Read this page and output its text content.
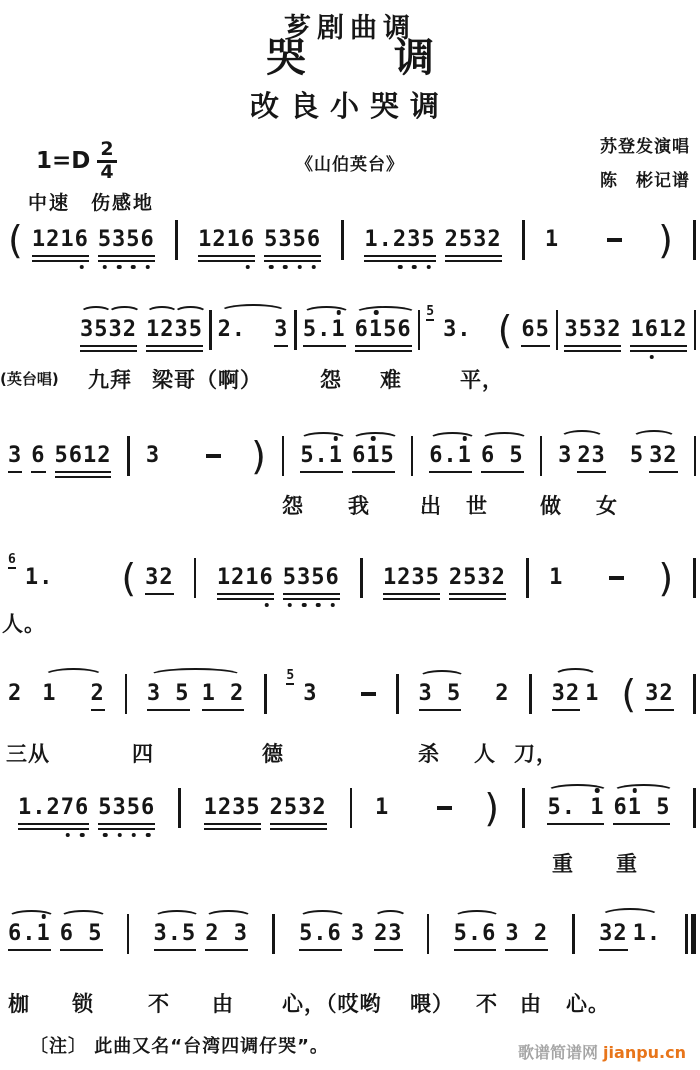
芗剧曲调
哭 调
改良小哭调
$1=D \frac{2}{4}$	《山伯英台》
苏登发演唱
陈　彬记谱
中速　伤感地
( 1216 5356 1216 5356 1.235 2532 1	)
3532 1235 2. 3 5.1 6156
5
3. ( 65 3532 1612
(英台唱) 九拜 梁哥（啊）	怨 难	平，
3 6 5612 3 ) 5.1 615 6.1 6 5 3 23 5 32
怨 我 出 世 做 女
6
1. ( 32 1216 5356 1235 2532 1	)
人。
2 1 2 3 5 1 2
5
3	3 5 2 32 1 ( 32
三从	四	德	杀 人 刀，
1.276 5356 1235 2532 1	) 5. 1 61 5
重 重
6.1 6 5 3.5 2 3 5.6 3 23 5.6 3 2 32 1.
枷 锁	不 由 心，（哎哟 喂） 不 由 心。
〔注〕 此曲又名“台湾四调仔哭”。	歌谱简谱网 jianpu.cn
